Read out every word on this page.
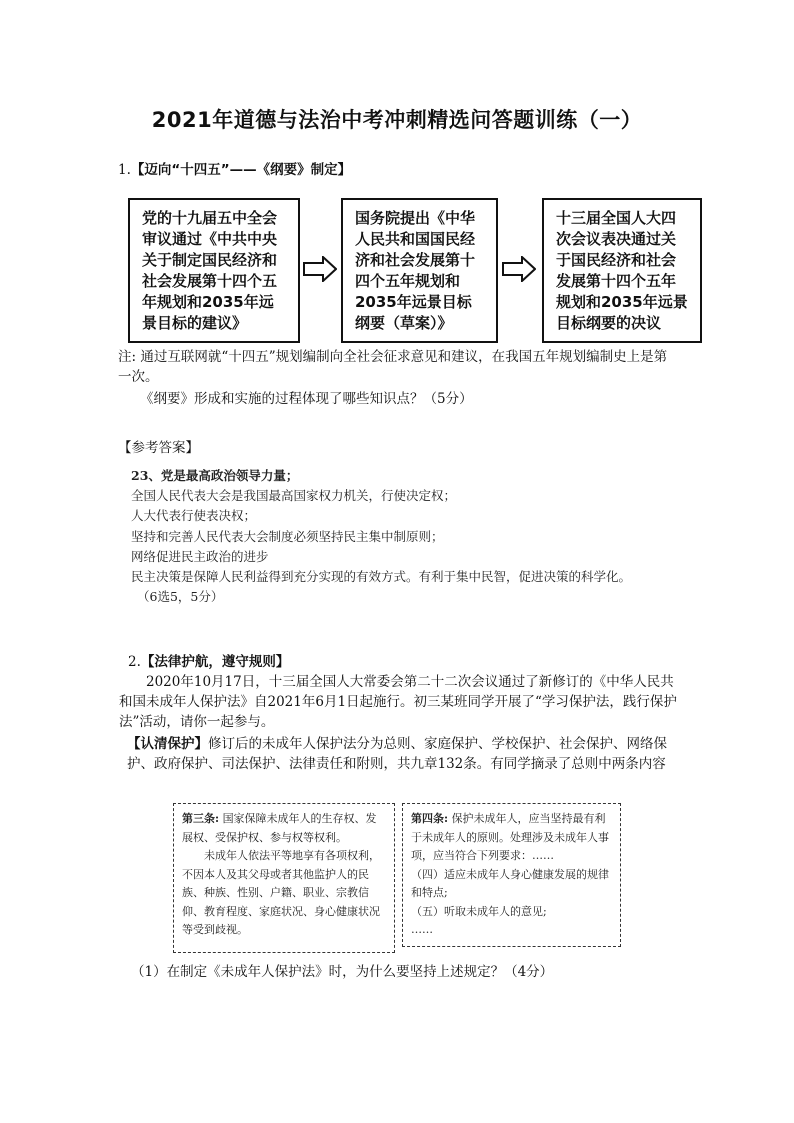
2021年道德与法治中考冲刺精选问答题训练（一）
1.【迈向“十四五”——《纲要》制定】
党的十九届五中全会审议通过《中共中央关于制定国民经济和社会发展第十四个五年规划和2035年远景目标的建议》
国务院提出《中华人民共和国国民经济和社会发展第十四个五年规划和2035年远景目标纲要（草案）》
十三届全国人大四次会议表决通过关于国民经济和社会发展第十四个五年规划和2035年远景目标纲要的决议
注: 通过互联网就“十四五”规划编制向全社会征求意见和建议，在我国五年规划编制史上是第一次。
《纲要》形成和实施的过程体现了哪些知识点？（5分）
【参考答案】

23、党是最高政治领导力量；

全国人民代表大会是我国最高国家权力机关，行使决定权；

人大代表行使表决权；

坚持和完善人民代表大会制度必须坚持民主集中制原则；

网络促进民主政治的进步

民主决策是保障人民利益得到充分实现的有效方式。有利于集中民智，促进决策的科学化。

（6选5，5分）

2.【法律护航，遵守规则】
2020年10月17日，十三届全国人大常委会第二十二次会议通过了新修订的《中华人民共和国未成年人保护法》自2021年6月1日起施行。初三某班同学开展了“学习保护法，践行保护法”活动，请你一起参与。
【认清保护】修订后的未成年人保护法分为总则、家庭保护、学校保护、社会保护、网络保护、政府保护、司法保护、法律责任和附则，共九章132条。有同学摘录了总则中两条内容

第三条: 国家保障未成年人的生存权、发展权、受保护权、参与权等权利。

未成年人依法平等地享有各项权利，不因本人及其父母或者其他监护人的民族、种族、性别、户籍、职业、宗教信仰、教育程度、家庭状况、身心健康状况等受到歧视。

第四条: 保护未成年人，应当坚持最有利于未成年人的原则。处理涉及未成年人事项，应当符合下列要求：……

（四）适应未成年人身心健康发展的规律和特点;

（五）听取未成年人的意见;

……

（1）在制定《未成年人保护法》时，为什么要坚持上述规定？（4分）
